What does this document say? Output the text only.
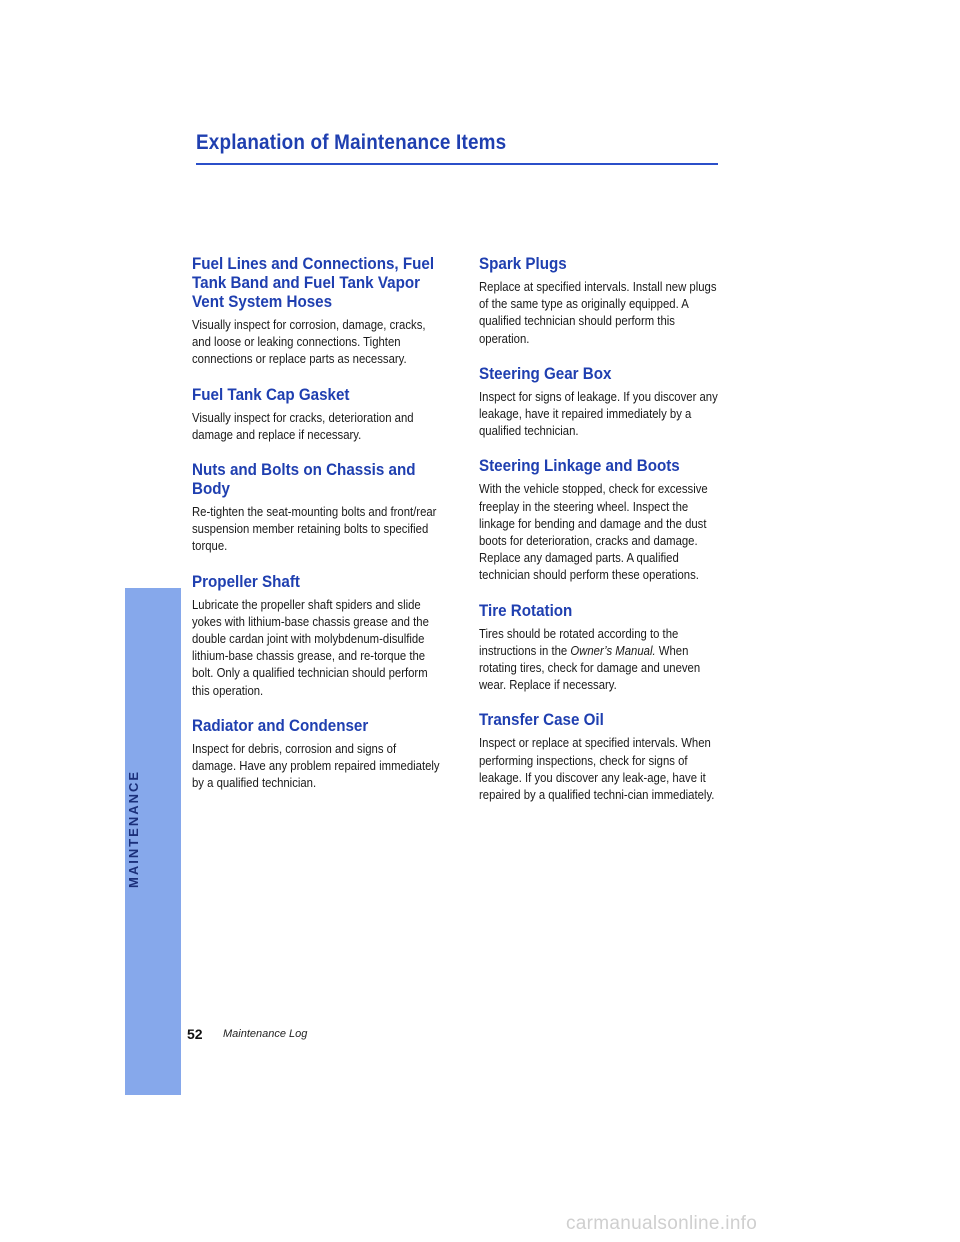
Explanation of Maintenance Items
MAINTENANCE
Fuel Lines and Connections, Fuel Tank Band and Fuel Tank Vapor Vent System Hoses

Visually inspect for corrosion, damage, cracks, and loose or leaking connections. Tighten connections or replace parts as necessary.

Fuel Tank Cap Gasket

Visually inspect for cracks, deterioration and damage and replace if necessary.

Nuts and Bolts on Chassis and Body

Re-tighten the seat-mounting bolts and front/rear suspension member retaining bolts to specified torque.

Propeller Shaft

Lubricate the propeller shaft spiders and slide yokes with lithium-base chassis grease and the double cardan joint with molybdenum-disulfide lithium-base chassis grease, and re-torque the bolt. Only a qualified technician should perform this operation.

Radiator and Condenser

Inspect for debris, corrosion and signs of damage. Have any problem repaired immediately by a qualified technician.

Spark Plugs

Replace at specified intervals. Install new plugs of the same type as originally equipped. A qualified technician should perform this operation.

Steering Gear Box

Inspect for signs of leakage. If you discover any leakage, have it repaired immediately by a qualified technician.

Steering Linkage and Boots

With the vehicle stopped, check for excessive freeplay in the steering wheel. Inspect the linkage for bending and damage and the dust boots for deterioration, cracks and damage. Replace any damaged parts. A qualified technician should perform these operations.

Tire Rotation

Tires should be rotated according to the instructions in the Owner’s Manual. When rotating tires, check for damage and uneven wear. Replace if necessary.

Transfer Case Oil

Inspect or replace at specified intervals. When performing inspections, check for signs of leakage. If you discover any leak-age, have it repaired by a qualified techni-cian immediately.

52 Maintenance Log
carmanualsonline.info
